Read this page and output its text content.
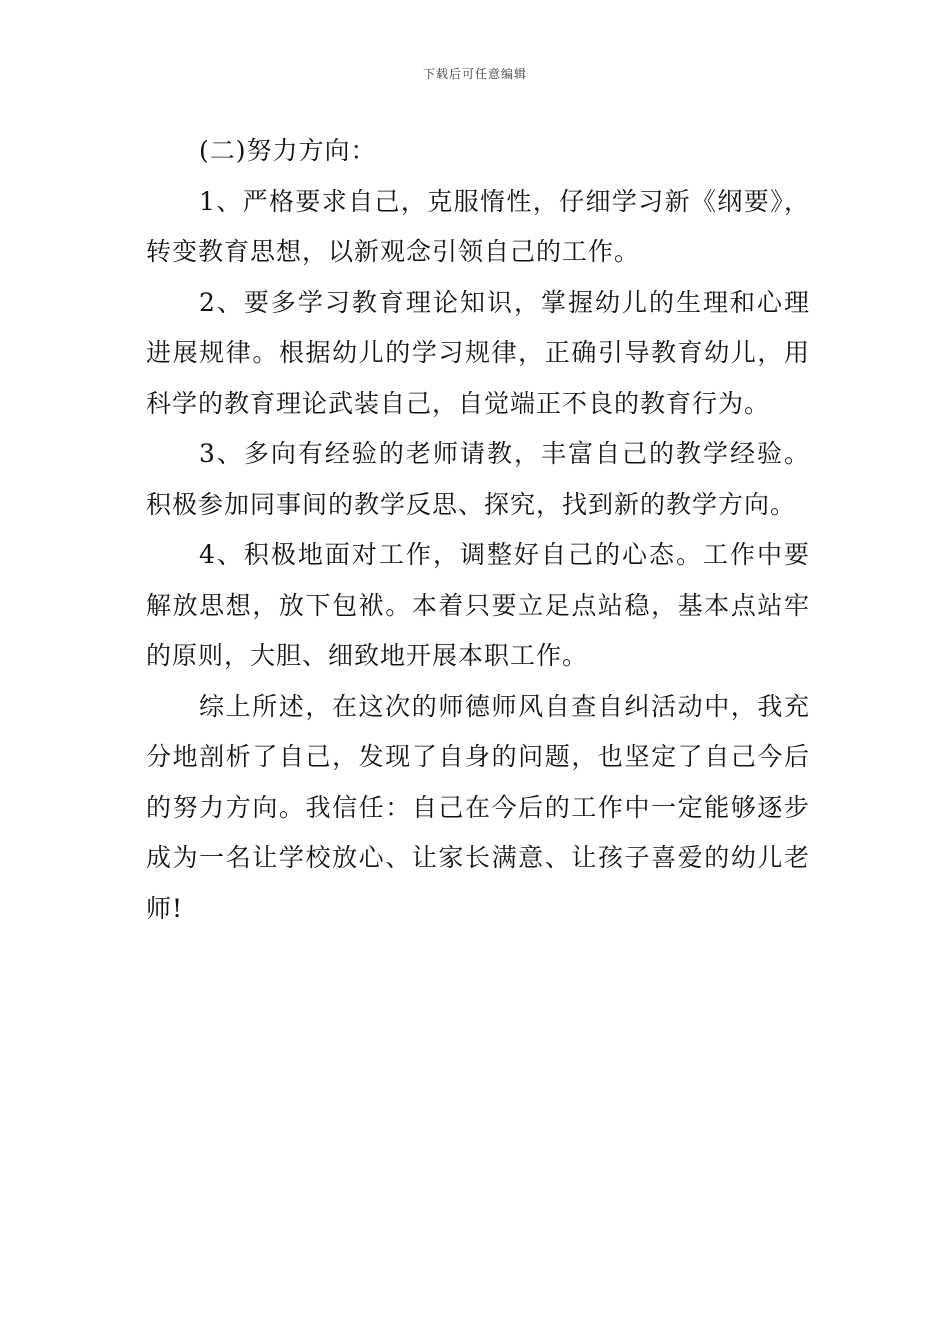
下载后可任意编辑

(二)努力方向：

1、严格要求自己，克服惰性，仔细学习新《纲要》，转变教育思想，以新观念引领自己的工作。

2、要多学习教育理论知识，掌握幼儿的生理和心理进展规律。根据幼儿的学习规律，正确引导教育幼儿，用科学的教育理论武装自己，自觉端正不良的教育行为。

3、多向有经验的老师请教，丰富自己的教学经验。积极参加同事间的教学反思、探究，找到新的教学方向。

4、积极地面对工作，调整好自己的心态。工作中要解放思想，放下包袱。本着只要立足点站稳，基本点站牢的原则，大胆、细致地开展本职工作。

综上所述，在这次的师德师风自查自纠活动中，我充分地剖析了自己，发现了自身的问题，也坚定了自己今后的努力方向。我信任：自己在今后的工作中一定能够逐步成为一名让学校放心、让家长满意、让孩子喜爱的幼儿老师!
